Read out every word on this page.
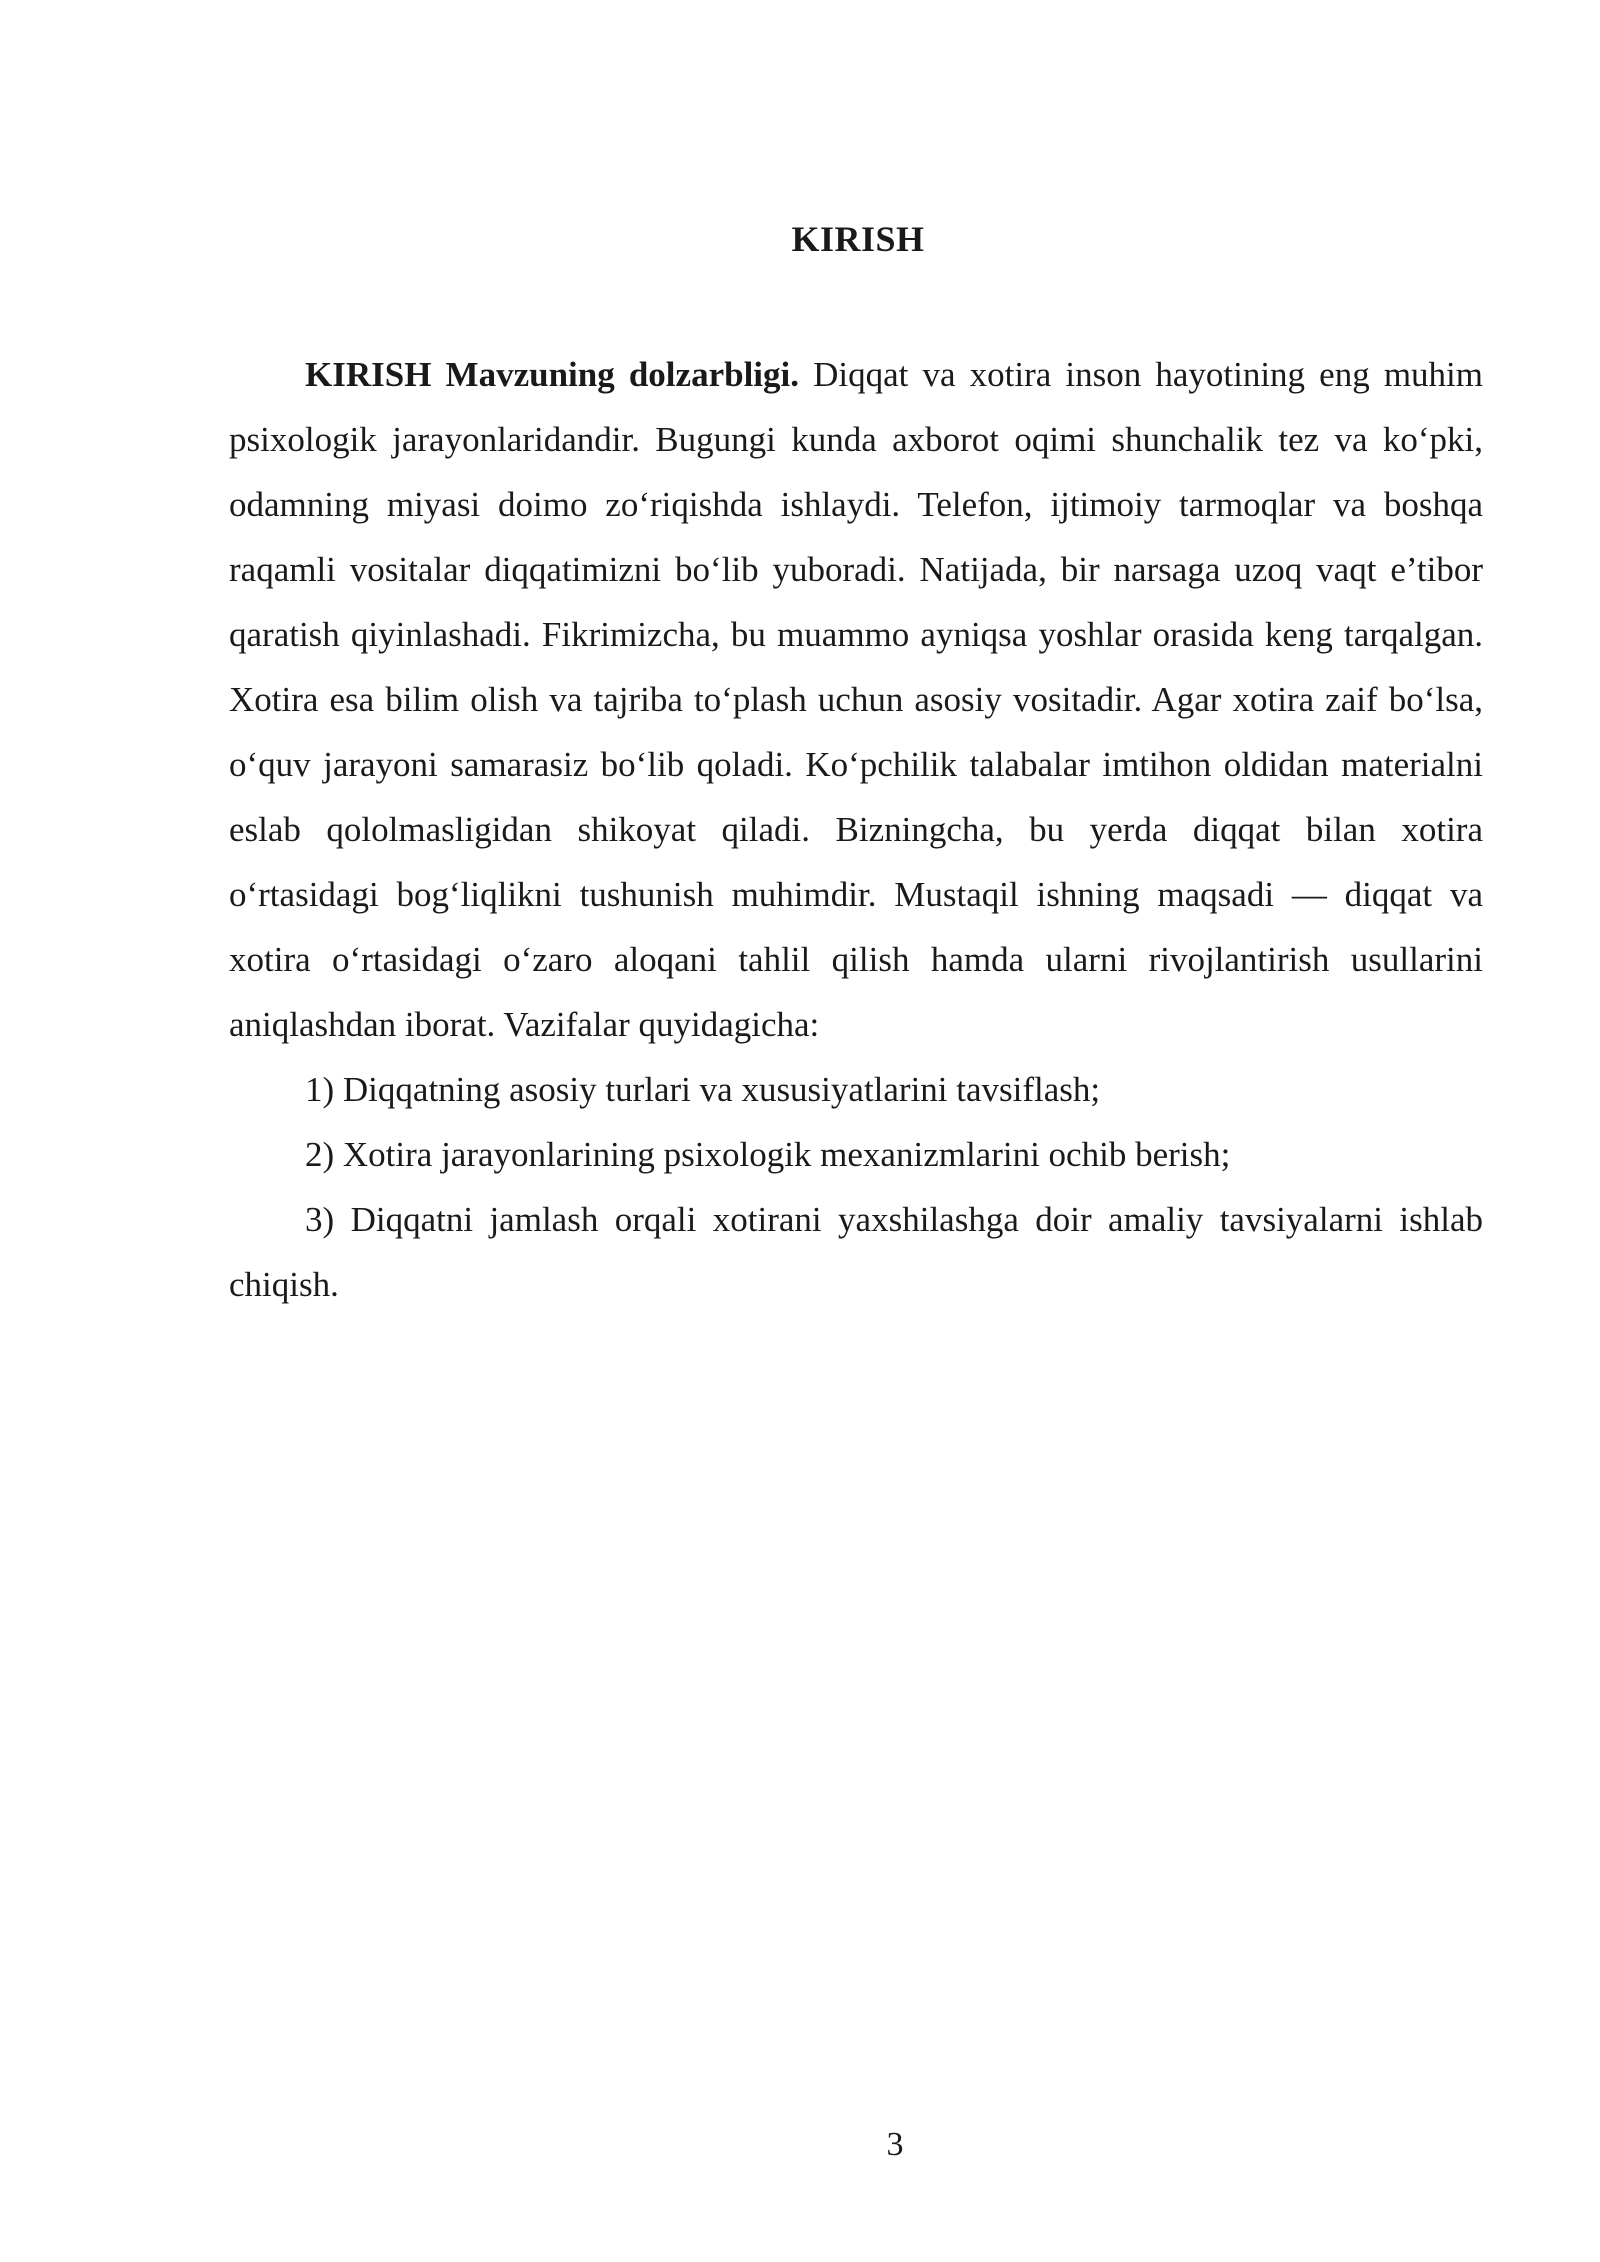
KIRISH

KIRISH Mavzuning dolzarbligi. Diqqat va xotira inson hayotining eng muhim psixologik jarayonlaridandir. Bugungi kunda axborot oqimi shunchalik tez va ko‘pki, odamning miyasi doimo zo‘riqishda ishlaydi. Telefon, ijtimoiy tarmoqlar va boshqa raqamli vositalar diqqatimizni bo‘lib yuboradi. Natijada, bir narsaga uzoq vaqt e’tibor qaratish qiyinlashadi. Fikrimizcha, bu muammo ayniqsa yoshlar orasida keng tarqalgan. Xotira esa bilim olish va tajriba to‘plash uchun asosiy vositadir. Agar xotira zaif bo‘lsa, o‘quv jarayoni samarasiz bo‘lib qoladi. Ko‘pchilik talabalar imtihon oldidan materialni eslab qololmasligidan shikoyat qiladi. Bizningcha, bu yerda diqqat bilan xotira o‘rtasidagi bog‘liqlikni tushunish muhimdir. Mustaqil ishning maqsadi — diqqat va xotira o‘rtasidagi o‘zaro aloqani tahlil qilish hamda ularni rivojlantirish usullarini aniqlashdan iborat. Vazifalar quyidagicha:

1) Diqqatning asosiy turlari va xususiyatlarini tavsiflash;

2) Xotira jarayonlarining psixologik mexanizmlarini ochib berish;

3) Diqqatni jamlash orqali xotirani yaxshilashga doir amaliy tavsiyalarni ishlab chiqish.

3
